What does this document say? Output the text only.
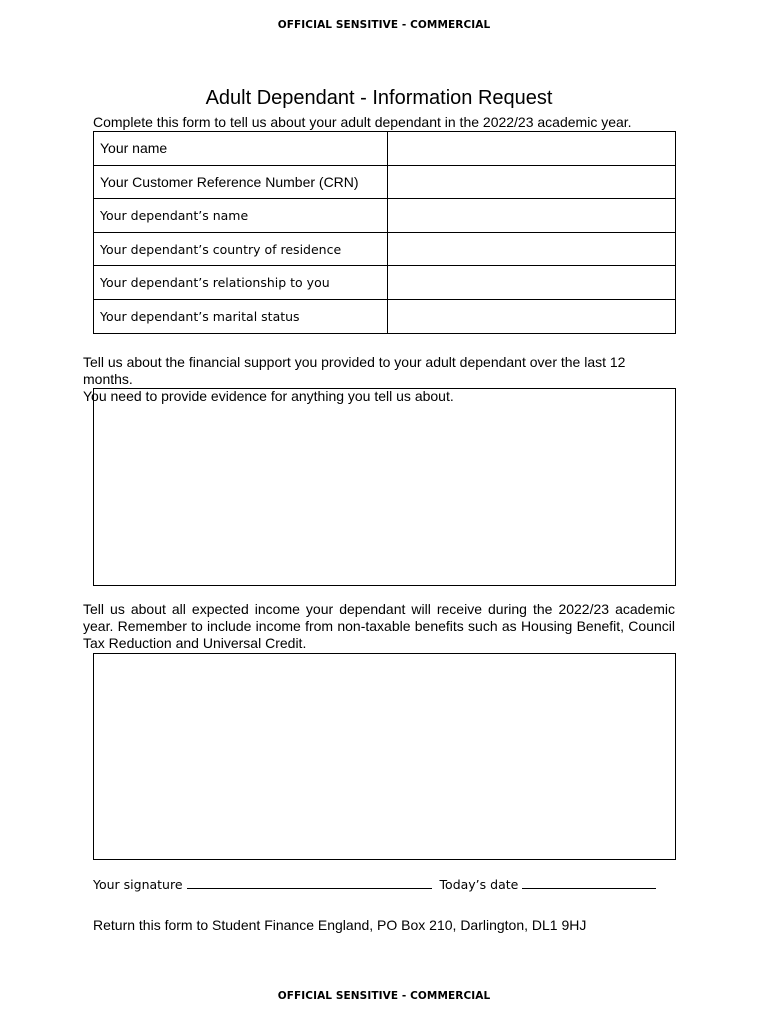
OFFICIAL SENSITIVE - COMMERCIAL
Adult Dependant - Information Request
Complete this form to tell us about your adult dependant in the 2022/23 academic year.
Your name	
Your Customer Reference Number (CRN)	
Your dependant’s name	
Your dependant’s country of residence	
Your dependant’s relationship to you	
Your dependant’s marital status	
Tell us about the financial support you provided to your adult dependant over the last 12 months.
You need to provide evidence for anything you tell us about.
Tell us about all expected income your dependant will receive during the 2022/23 academic
year. Remember to include income from non-taxable benefits such as Housing Benefit, Council
Tax Reduction and Universal Credit.
Your signature	Today’s date
Return this form to Student Finance England, PO Box 210, Darlington, DL1 9HJ
OFFICIAL SENSITIVE - COMMERCIAL
